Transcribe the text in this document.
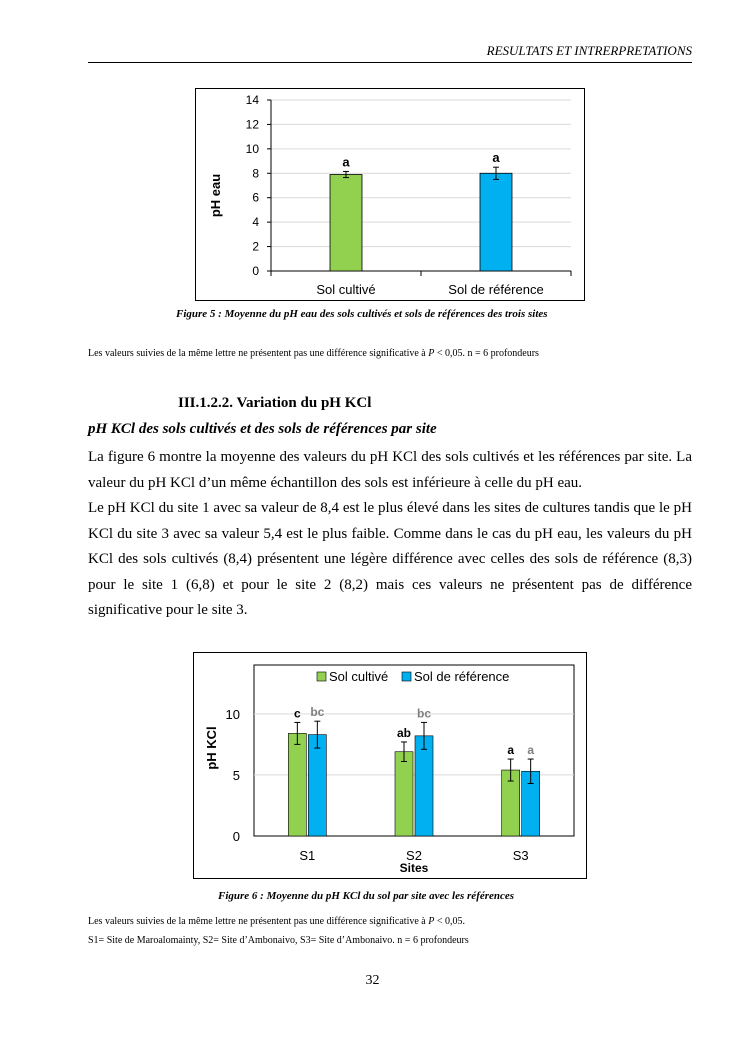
RESULTATS ET INTRERPRETATIONS
0
2
4
6
8
10
12
14
a
Sol cultivé
a
Sol de référence
pH eau
Figure 5 : Moyenne du pH eau des sols cultivés et sols de références des trois sites
Les valeurs suivies de la même lettre ne présentent pas une différence significative à P < 0,05. n = 6 profondeurs
III.1.2.2. Variation du pH KCl
pH KCl des sols cultivés et des sols de références par site

La figure 6 montre la moyenne des valeurs du pH KCl des sols cultivés et les références par site. La valeur du pH KCl d’un même échantillon des sols est inférieure à celle du pH eau.

Le pH KCl du site 1 avec sa valeur de 8,4 est le plus élevé dans les sites de cultures tandis que le pH KCl du site 3 avec sa valeur 5,4 est le plus faible. Comme dans le cas du pH eau, les valeurs du pH KCl des sols cultivés (8,4) présentent une légère différence avec celles des sols de référence (8,3) pour le site 1 (6,8) et pour le site 2 (8,2) mais ces valeurs ne présentent pas de différence significative pour le site 3.

0
5
10
Sol cultivé Sol de référence
c bc
S1
ab
bc
S2
a a
S3
Sites
pH KCl
Figure 6 : Moyenne du pH KCl du sol par site avec les références
Les valeurs suivies de la même lettre ne présentent pas une différence significative à P < 0,05.
S1= Site de Maroalomainty, S2= Site d’Ambonaivo, S3= Site d’Ambonaivo. n = 6 profondeurs
32
